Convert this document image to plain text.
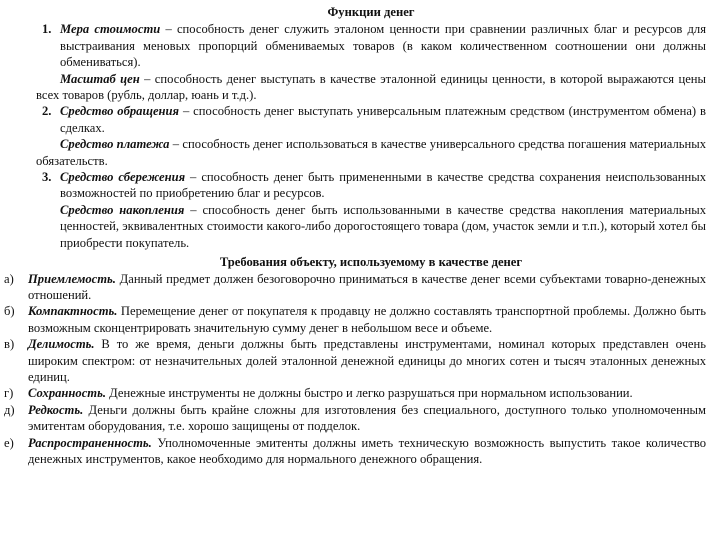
Функции денег

1. Мера стоимости – способность денег служить эталоном ценности при сравнении различных благ и ресурсов для выстраивания меновых пропорций обмениваемых товаров (в каком количественном соотношении они должны обмениваться).

Масштаб цен – способность денег выступать в качестве эталонной единицы ценности, в которой выражаются цены всех товаров (рубль, доллар, юань и т.д.).

2. Средство обращения – способность денег выступать универсальным платежным средством (инструментом обмена) в сделках.

Средство платежа – способность денег использоваться в качестве универсального средства погашения материальных обязательств.

3. Средство сбережения – способность денег быть примененными в качестве средства сохранения неиспользованных возможностей по приобретению благ и ресурсов.

Средство накопления – способность денег быть использованными в качестве средства накопления материальных ценностей, эквивалентных стоимости какого-либо дорогостоящего товара (дом, участок земли и т.п.), который хотел бы приобрести покупатель.

Требования объекту, используемому в качестве денег

а) Приемлемость. Данный предмет должен безоговорочно приниматься в качестве денег всеми субъектами товарно-денежных отношений.

б) Компактность. Перемещение денег от покупателя к продавцу не должно составлять транспортной проблемы. Должно быть возможным сконцентрировать значительную сумму денег в небольшом весе и объеме.

в) Делимость. В то же время, деньги должны быть представлены инструментами, номинал которых представлен очень широким спектром: от незначительных долей эталонной денежной единицы до многих сотен и тысяч эталонных денежных единиц.

г) Сохранность. Денежные инструменты не должны быстро и легко разрушаться при нормальном использовании.

д) Редкость. Деньги должны быть крайне сложны для изготовления без специального, доступного только уполномоченным эмитентам оборудования, т.е. хорошо защищены от подделок.

е) Распространенность. Уполномоченные эмитенты должны иметь техническую возможность выпустить такое количество денежных инструментов, какое необходимо для нормального денежного обращения.
